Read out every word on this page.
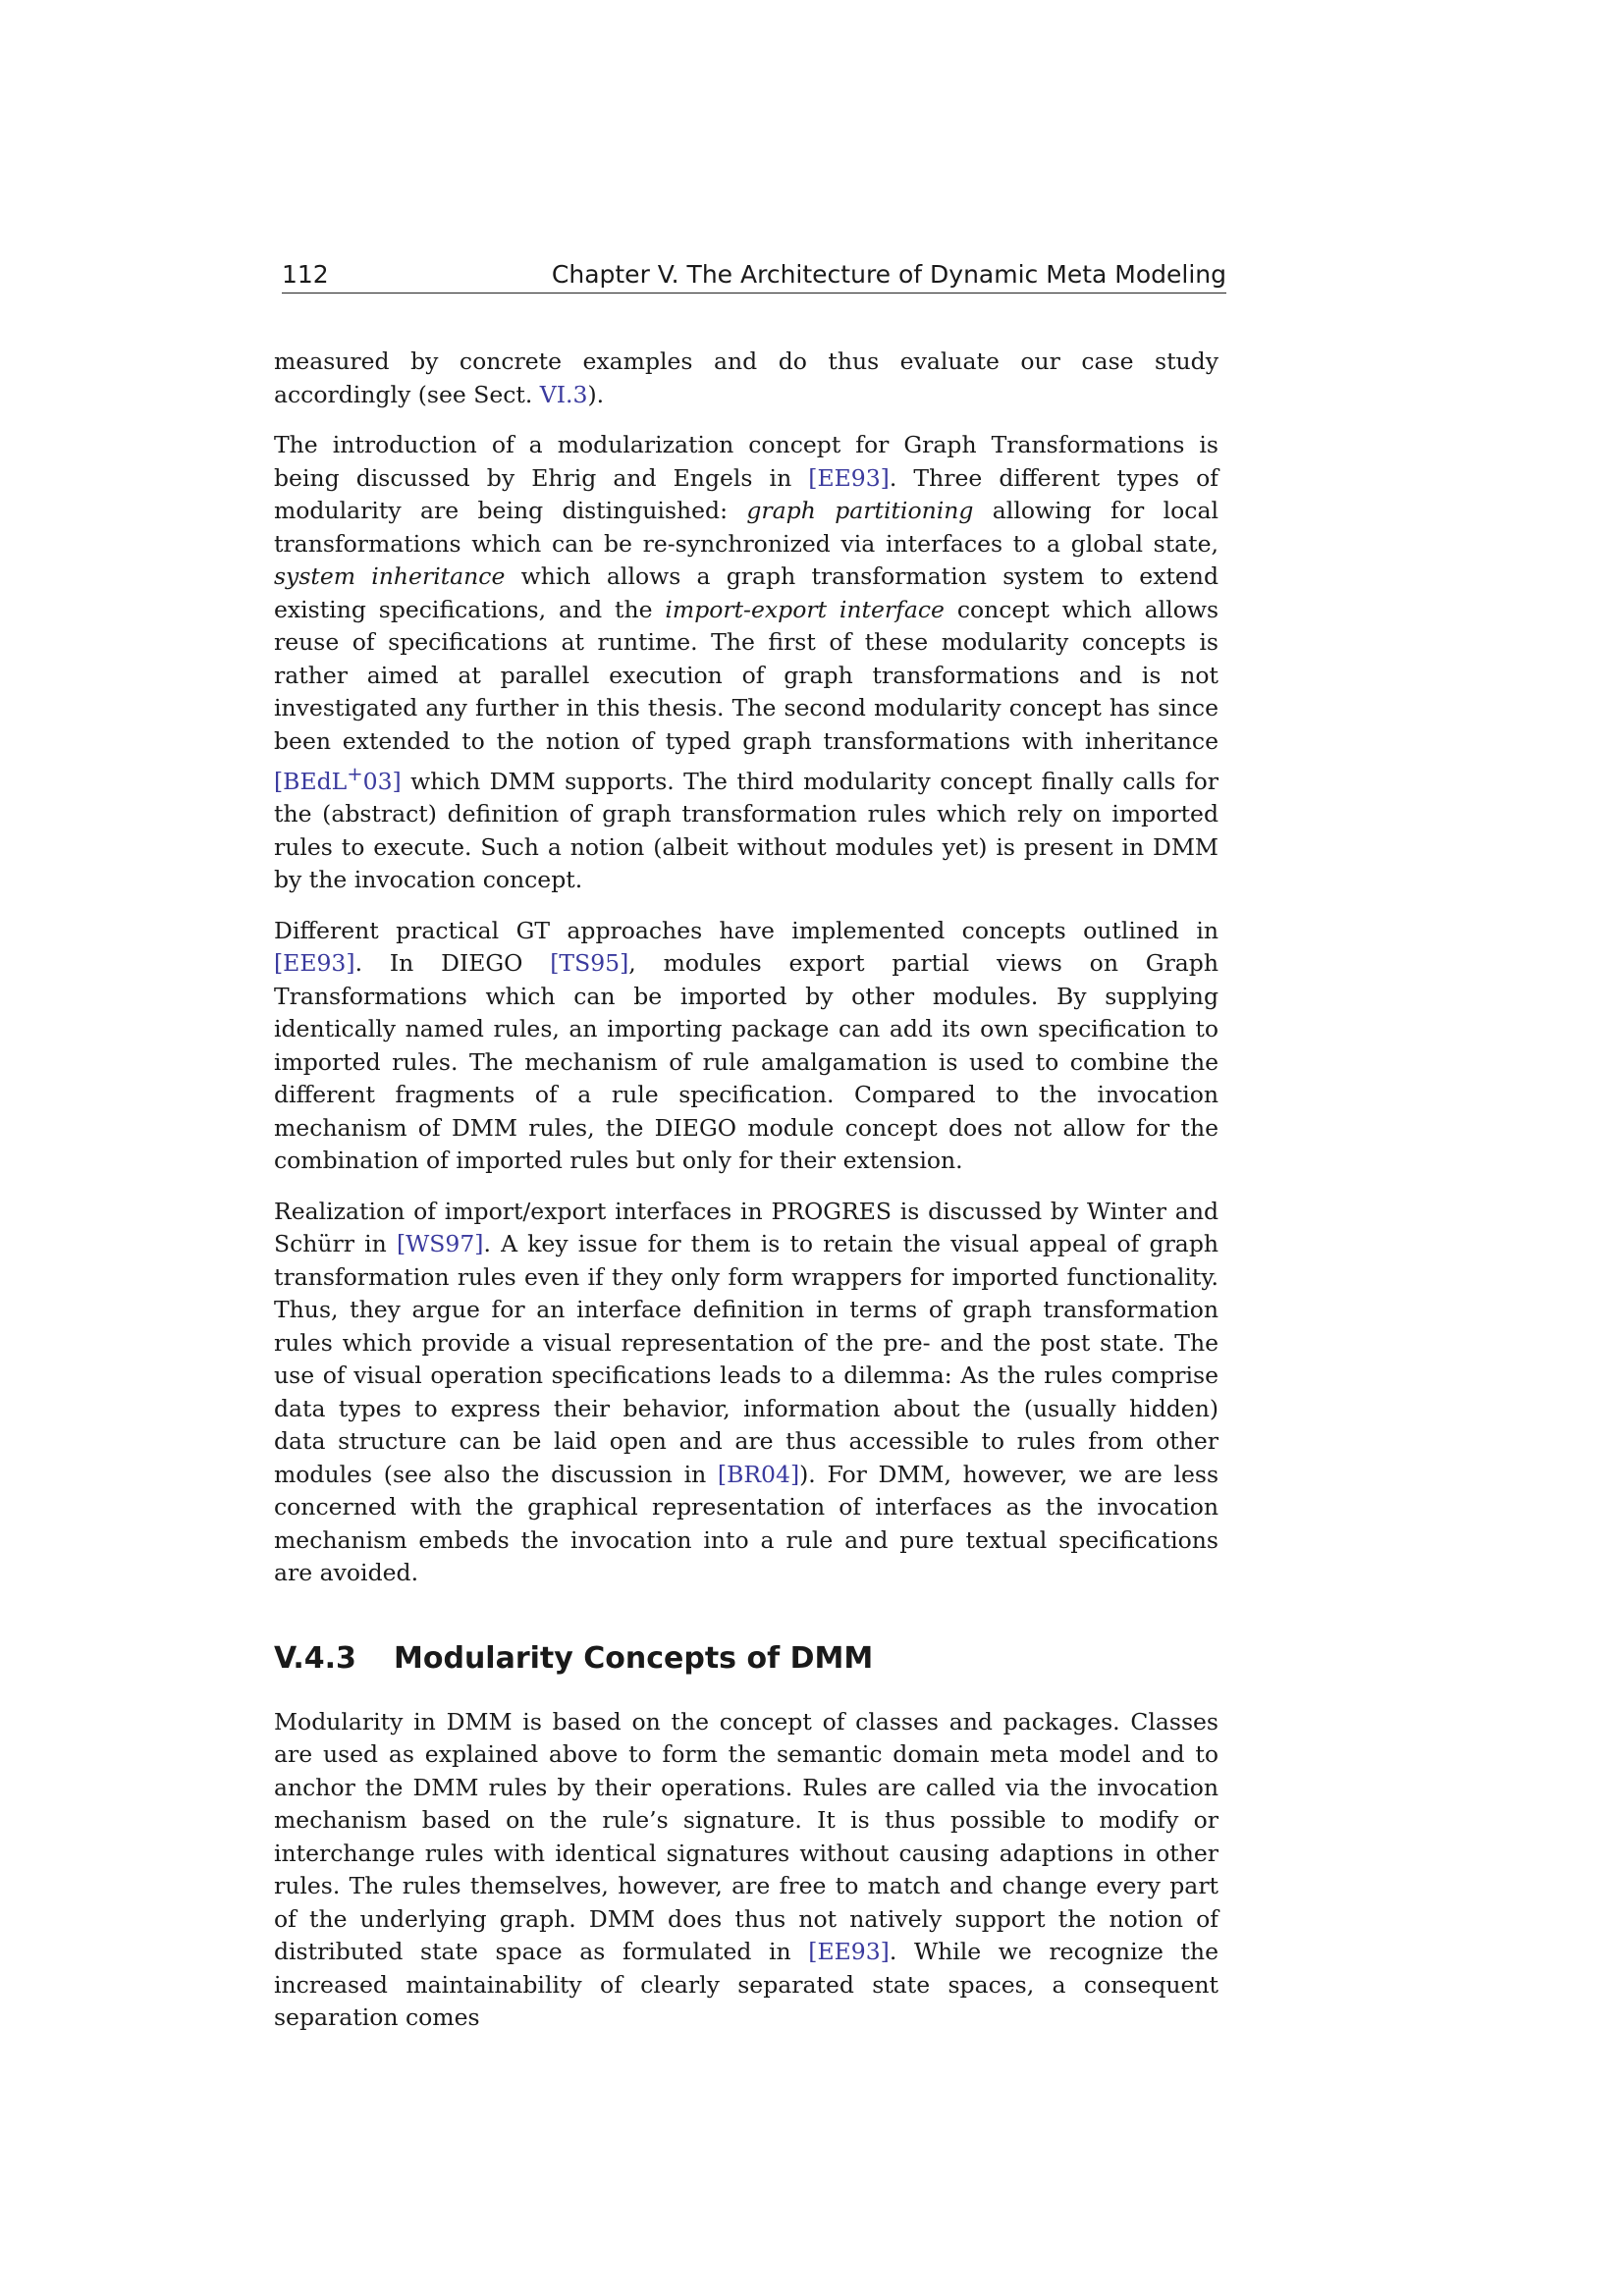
112	Chapter V. The Architecture of Dynamic Meta Modeling

measured by concrete examples and do thus evaluate our case study accordingly (see Sect. VI.3).

The introduction of a modularization concept for Graph Transformations is being discussed by Ehrig and Engels in [EE93]. Three different types of modularity are being distinguished: graph partitioning allowing for local transformations which can be re-synchronized via interfaces to a global state, system inheritance which allows a graph transformation system to extend existing specifications, and the import-export interface concept which allows reuse of specifications at runtime. The first of these modularity concepts is rather aimed at parallel execution of graph transformations and is not investigated any further in this thesis. The second modularity concept has since been extended to the notion of typed graph transformations with inheritance [BEdL+03] which DMM supports. The third modularity concept finally calls for the (abstract) definition of graph transformation rules which rely on imported rules to execute. Such a notion (albeit without modules yet) is present in DMM by the invocation concept.

Different practical GT approaches have implemented concepts outlined in [EE93]. In DIEGO [TS95], modules export partial views on Graph Transformations which can be imported by other modules. By supplying identically named rules, an importing package can add its own specification to imported rules. The mechanism of rule amalgamation is used to combine the different fragments of a rule specification. Compared to the invocation mechanism of DMM rules, the DIEGO module concept does not allow for the combination of imported rules but only for their extension.

Realization of import/export interfaces in PROGRES is discussed by Winter and Schürr in [WS97]. A key issue for them is to retain the visual appeal of graph transformation rules even if they only form wrappers for imported functionality. Thus, they argue for an interface definition in terms of graph transformation rules which provide a visual representation of the pre- and the post state. The use of visual operation specifications leads to a dilemma: As the rules comprise data types to express their behavior, information about the (usually hidden) data structure can be laid open and are thus accessible to rules from other modules (see also the discussion in [BR04]). For DMM, however, we are less concerned with the graphical representation of interfaces as the invocation mechanism embeds the invocation into a rule and pure textual specifications are avoided.

V.4.3 Modularity Concepts of DMM

Modularity in DMM is based on the concept of classes and packages. Classes are used as explained above to form the semantic domain meta model and to anchor the DMM rules by their operations. Rules are called via the invocation mechanism based on the rule’s signature. It is thus possible to modify or interchange rules with identical signatures without causing adaptions in other rules. The rules themselves, however, are free to match and change every part of the underlying graph. DMM does thus not natively support the notion of distributed state space as formulated in [EE93]. While we recognize the increased maintainability of clearly separated state spaces, a consequent separation comes
